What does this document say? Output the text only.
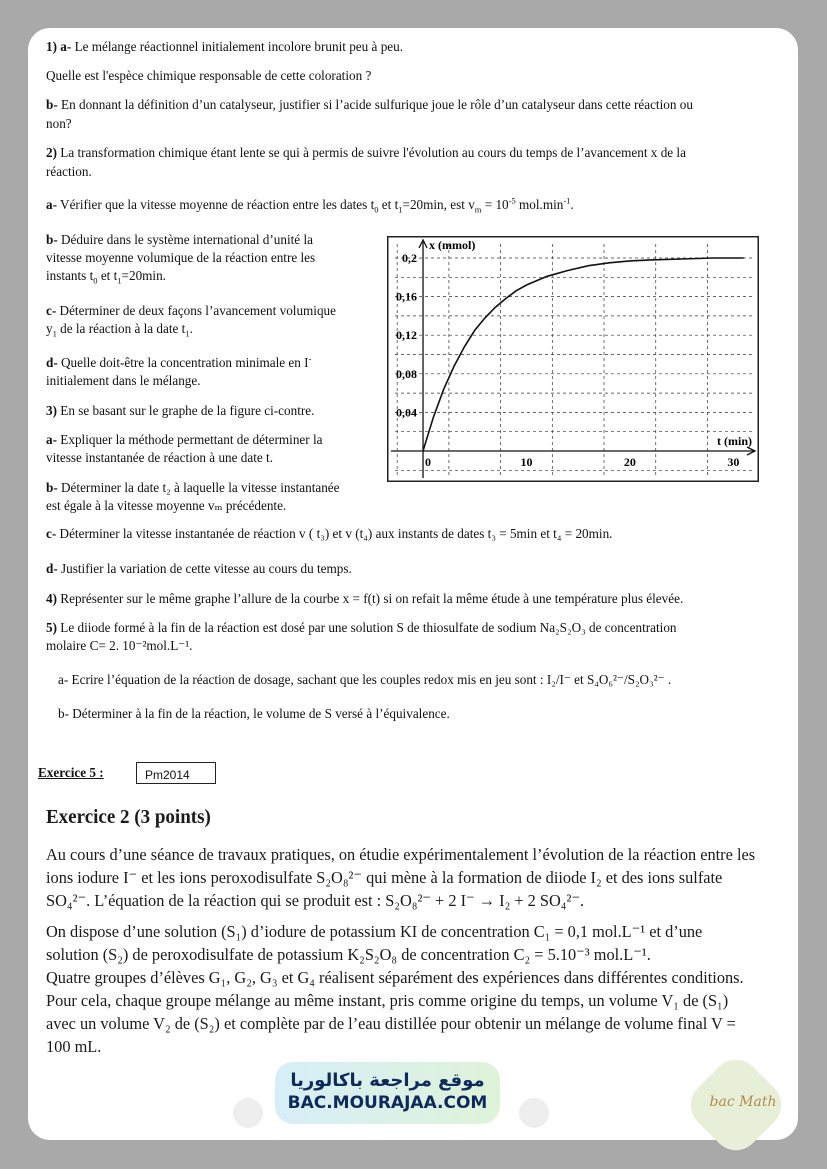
1) a- Le mélange réactionnel initialement incolore brunit peu à peu.
Quelle est l'espèce chimique responsable de cette coloration ?
b- En donnant la définition d’un catalyseur, justifier si l’acide sulfurique joue le rôle d’un catalyseur dans cette réaction ou
non?
2) La transformation chimique étant lente se qui à permis de suivre l'évolution au cours du temps de l’avancement x de la
réaction.
a- Vérifier que la vitesse moyenne de réaction entre les dates $t_0$ et $t_1=20\min$, est $v_m = 10^{-5}$ $mol.\min^{-1}$.
b- Déduire dans le système international d’unité la
vitesse moyenne volumique de la réaction entre les
instants $t_0$ et $t_1=20\min$.
c- Déterminer de deux façons l’avancement volumique
$y_1$ de la réaction à la date $t_1$.
d- Quelle doit-être la concentration minimale en I-
initialement dans le mélange.
3) En se basant sur le graphe de la figure ci-contre.
a- Expliquer la méthode permettant de déterminer la
vitesse instantanée de réaction à une date t.
b- Déterminer la date t₂ à laquelle la vitesse instantanée
est égale à la vitesse moyenne vₘ précédente.
c- Déterminer la vitesse instantanée de réaction v ( t₃) et v (t₄) aux instants de dates t₃ = 5min et t₄ = 20min.
d- Justifier la variation de cette vitesse au cours du temps.
4) Représenter sur le même graphe l’allure de la courbe x = f(t) si on refait la même étude à une température plus élevée.
5) Le diiode formé à la fin de la réaction est dosé par une solution S de thiosulfate de sodium Na₂S₂O₃ de concentration
molaire C= 2. 10⁻²mol.L⁻¹.
a- Ecrire l’équation de la réaction de dosage, sachant que les couples redox mis en jeu sont : I₂/I⁻ et S₄O₆²⁻/S₂O₃²⁻ .
b- Déterminer à la fin de la réaction, le volume de S versé à l’équivalence.
Exercice 5 :	Pm2014

Exercice 2 (3 points)

Au cours d’une séance de travaux pratiques, on étudie expérimentalement l’évolution de la réaction entre les ions iodure I⁻ et les ions peroxodisulfate S₂O₈²⁻ qui mène à la formation de diiode I₂ et des ions sulfate SO₄²⁻. L’équation de la réaction qui se produit est : S₂O₈²⁻ + 2 I⁻ → I₂ + 2 SO₄²⁻.

On dispose d’une solution (S₁) d’iodure de potassium KI de concentration C₁ = 0,1 mol.L⁻¹ et d’une solution (S₂) de peroxodisulfate de potassium K₂S₂O₈ de concentration C₂ = 5.10⁻³ mol.L⁻¹.

Quatre groupes d’élèves G₁, G₂, G₃ et G₄ réalisent séparément des expériences dans différentes conditions. Pour cela, chaque groupe mélange au même instant, pris comme origine du temps, un volume V₁ de (S₁) avec un volume V₂ de (S₂) et complète par de l’eau distillée pour obtenir un mélange de volume final V = 100 mL.

0	10	20	30
0,04
0,08
0,12
0,16
0,2
x (mmol)
t (min)
موقع مراجعة باكالوريا
BAC.MOURAJAA.COM	bac Math
